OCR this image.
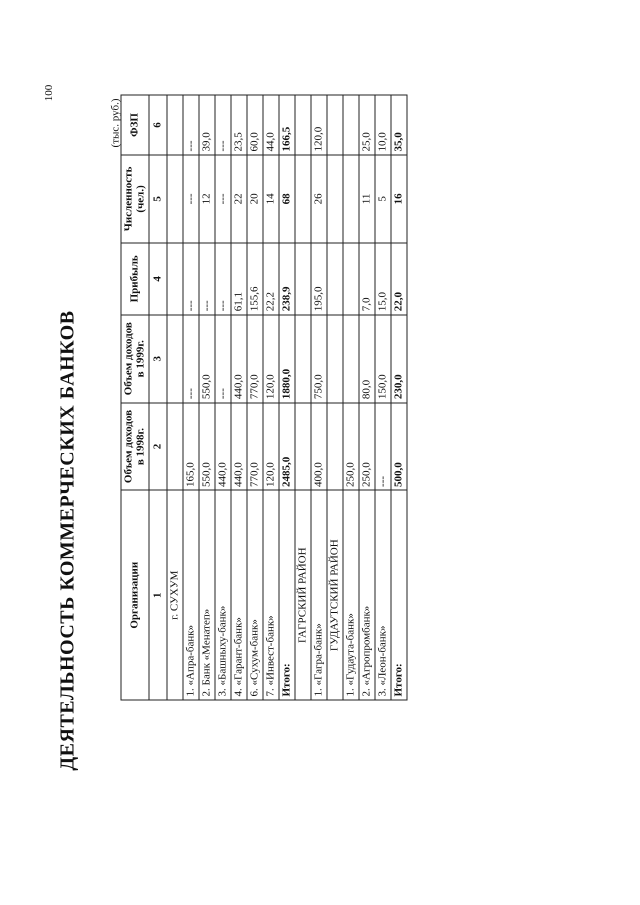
100
ДЕЯТЕЛЬНОСТЬ КОММЕРЧЕСКИХ БАНКОВ
(тыс. руб.)
Организации	Объем доходов в 1998г.	Объем доходов в 1999г.	Прибыль	Численность (чел.)	ФЗП
1	2	3	4	5	6
г. СУХУМ					
1. «Апра-банк»	165,0	---	---	---	---
2. Банк «Менатеп»	550,0	550,0	---	12	39,0
3. «Башныху-банк»	440,0	---	---	---	---
4. «Гарант-банк»	440,0	440,0	61,1	22	23,5
6. «Сухум-банк»	770,0	770,0	155,6	20	60,0
7. «Инвест-банк»	120,0	120,0	22,2	14	44,0
Итого:	2485,0	1880,0	238,9	68	166,5
ГАГРСКИЙ РАЙОН					
1. «Гагра-банк»	400,0	750,0	195,0	26	120,0
ГУДАУТСКИЙ РАЙОН					
1. «Гудаута-банк»	250,0				
2. «Агропромбанк»	250,0	80,0	7,0	11	25,0
3. «Леон-банк»	---	150,0	15,0	5	10,0
Итого:	500,0	230,0	22,0	16	35,0
